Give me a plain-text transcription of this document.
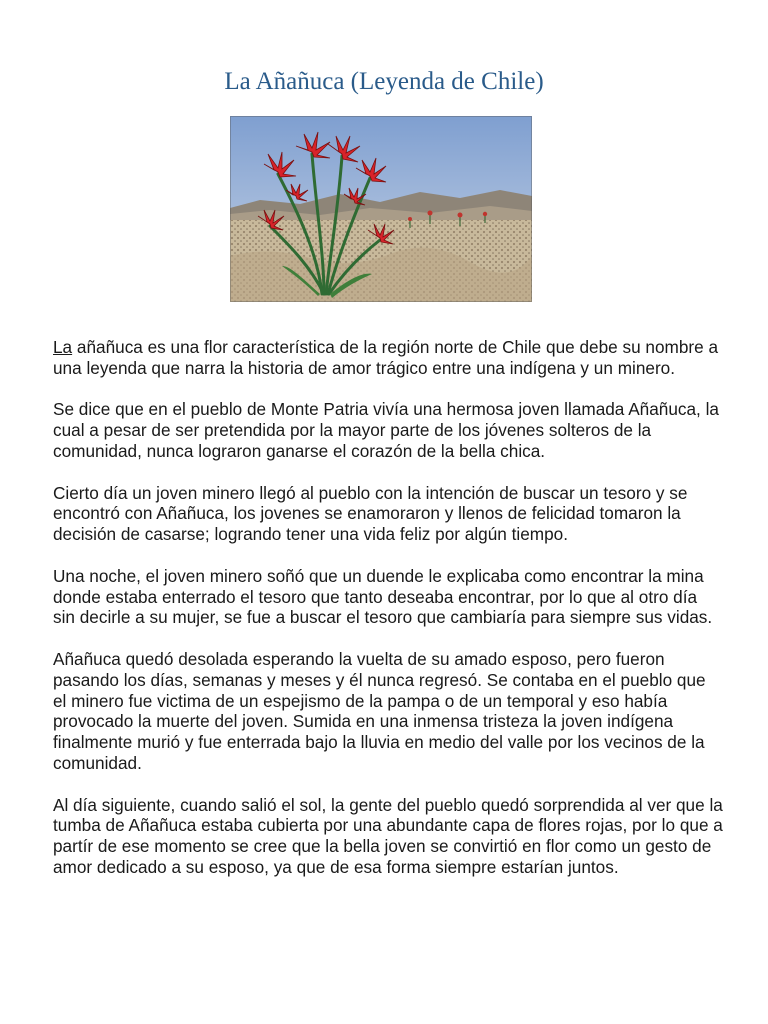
La Añañuca (Leyenda de Chile)

La añañuca es una flor característica de la región norte de Chile que debe su nombre a una leyenda que narra la historia de amor trágico entre una indígena y un minero.

Se dice que en el pueblo de Monte Patria vivía una hermosa joven llamada Añañuca, la cual a pesar de ser pretendida por la mayor parte de los jóvenes solteros de la comunidad, nunca lograron ganarse el corazón de la bella chica.

Cierto día un joven minero llegó al pueblo con la intención de buscar un tesoro y se encontró con Añañuca, los jovenes se enamoraron y llenos de felicidad tomaron la decisión de casarse; logrando tener una vida feliz por algún tiempo.

Una noche, el joven minero soñó que un duende le explicaba como encontrar la mina donde estaba enterrado el tesoro que tanto deseaba encontrar, por lo que al otro día sin decirle a su mujer, se fue a buscar el tesoro que cambiaría para siempre sus vidas.

Añañuca quedó desolada esperando la vuelta de su amado esposo, pero fueron pasando los días, semanas y meses y él nunca regresó. Se contaba en el pueblo que el minero fue victima de un espejismo de la pampa o de un temporal y eso había provocado la muerte del joven. Sumida en una inmensa tristeza la joven indígena finalmente murió y fue enterrada bajo la lluvia en medio del valle por los vecinos de la comunidad.

Al día siguiente, cuando salió el sol, la gente del pueblo quedó sorprendida al ver que la tumba de Añañuca estaba cubierta por una abundante capa de flores rojas, por lo que a partír de ese momento se cree que la bella joven se convirtió en flor como un gesto de amor dedicado a su esposo, ya que de esa forma siempre estarían juntos.
